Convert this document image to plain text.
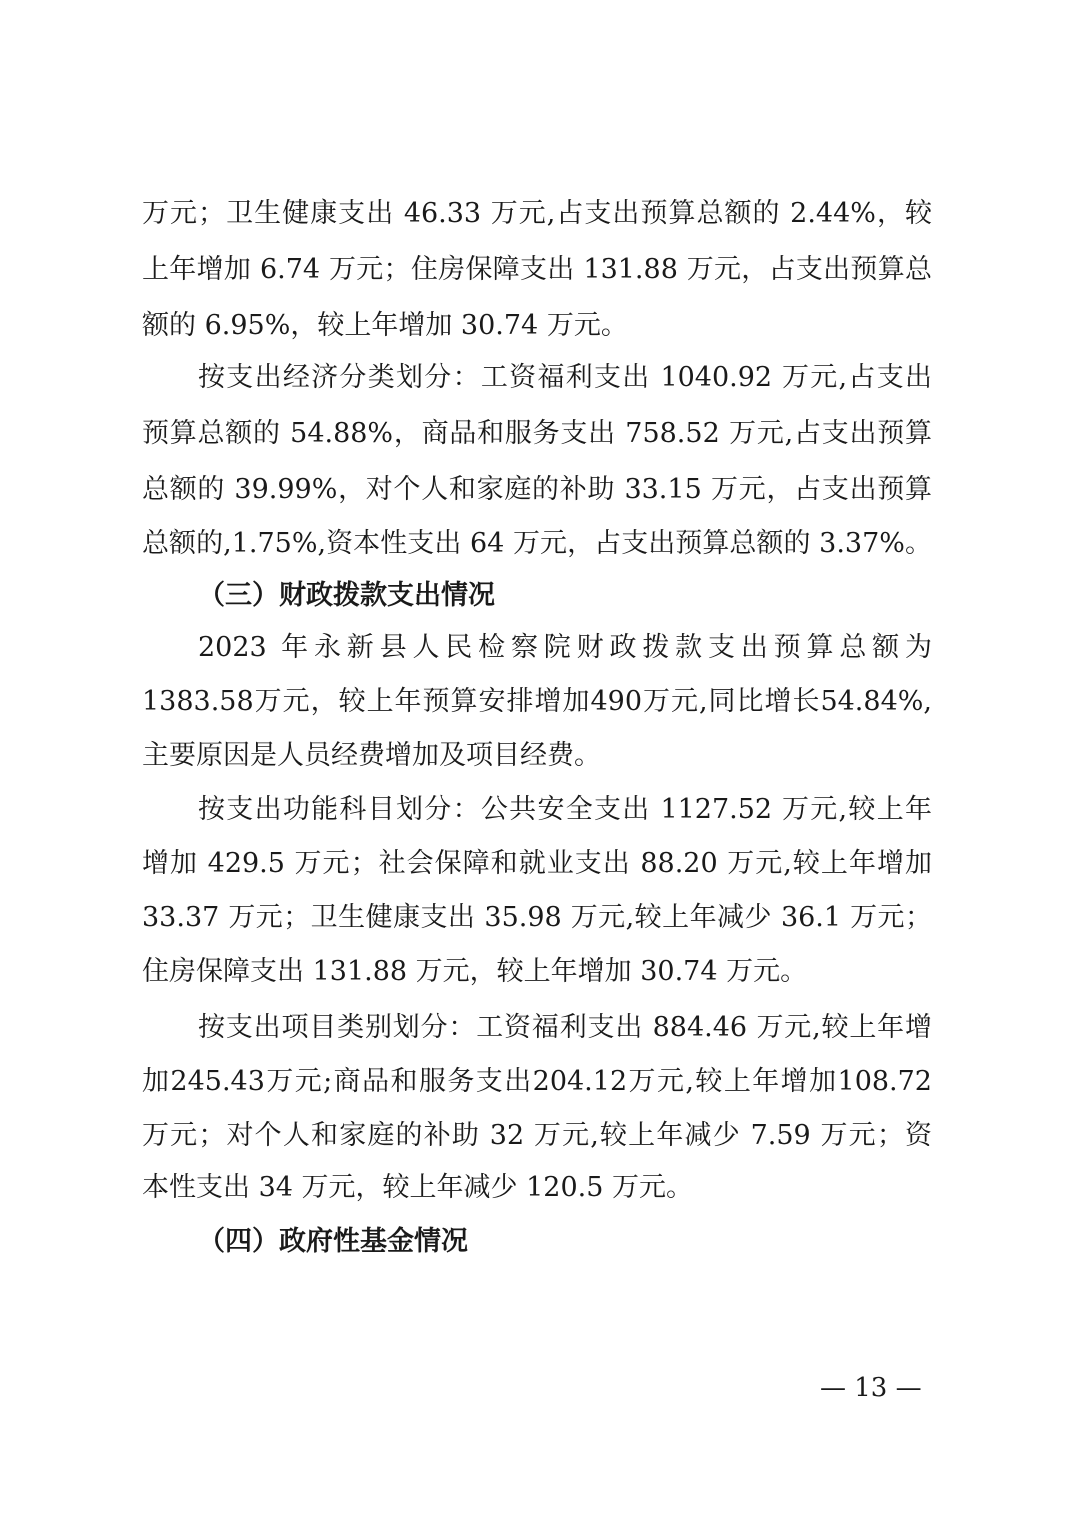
万元；卫生健康支出 46.33 万元,占支出预算总额的 2.44%，较
上年增加 6.74 万元；住房保障支出 131.88 万元，占支出预算总
额的 6.95%，较上年增加 30.74 万元。
按支出经济分类划分：工资福利支出 1040.92 万元,占支出
预算总额的 54.88%，商品和服务支出 758.52 万元,占支出预算
总额的 39.99%，对个人和家庭的补助 33.15 万元，占支出预算
总额的,1.75%,资本性支出 64 万元，占支出预算总额的 3.37%。
（三）财政拨款支出情况
2023 年永新县人民检察院财政拨款支出预算总额为
1383.58万元，较上年预算安排增加490万元,同比增长54.84%,
主要原因是人员经费增加及项目经费。
按支出功能科目划分：公共安全支出 1127.52 万元,较上年
增加 429.5 万元；社会保障和就业支出 88.20 万元,较上年增加
33.37 万元；卫生健康支出 35.98 万元,较上年减少 36.1 万元；
住房保障支出 131.88 万元，较上年增加 30.74 万元。
按支出项目类别划分：工资福利支出 884.46 万元,较上年增
加245.43万元;商品和服务支出204.12万元,较上年增加108.72
万元；对个人和家庭的补助 32 万元,较上年减少 7.59 万元；资
本性支出 34 万元，较上年减少 120.5 万元。
（四）政府性基金情况
— 13 —
